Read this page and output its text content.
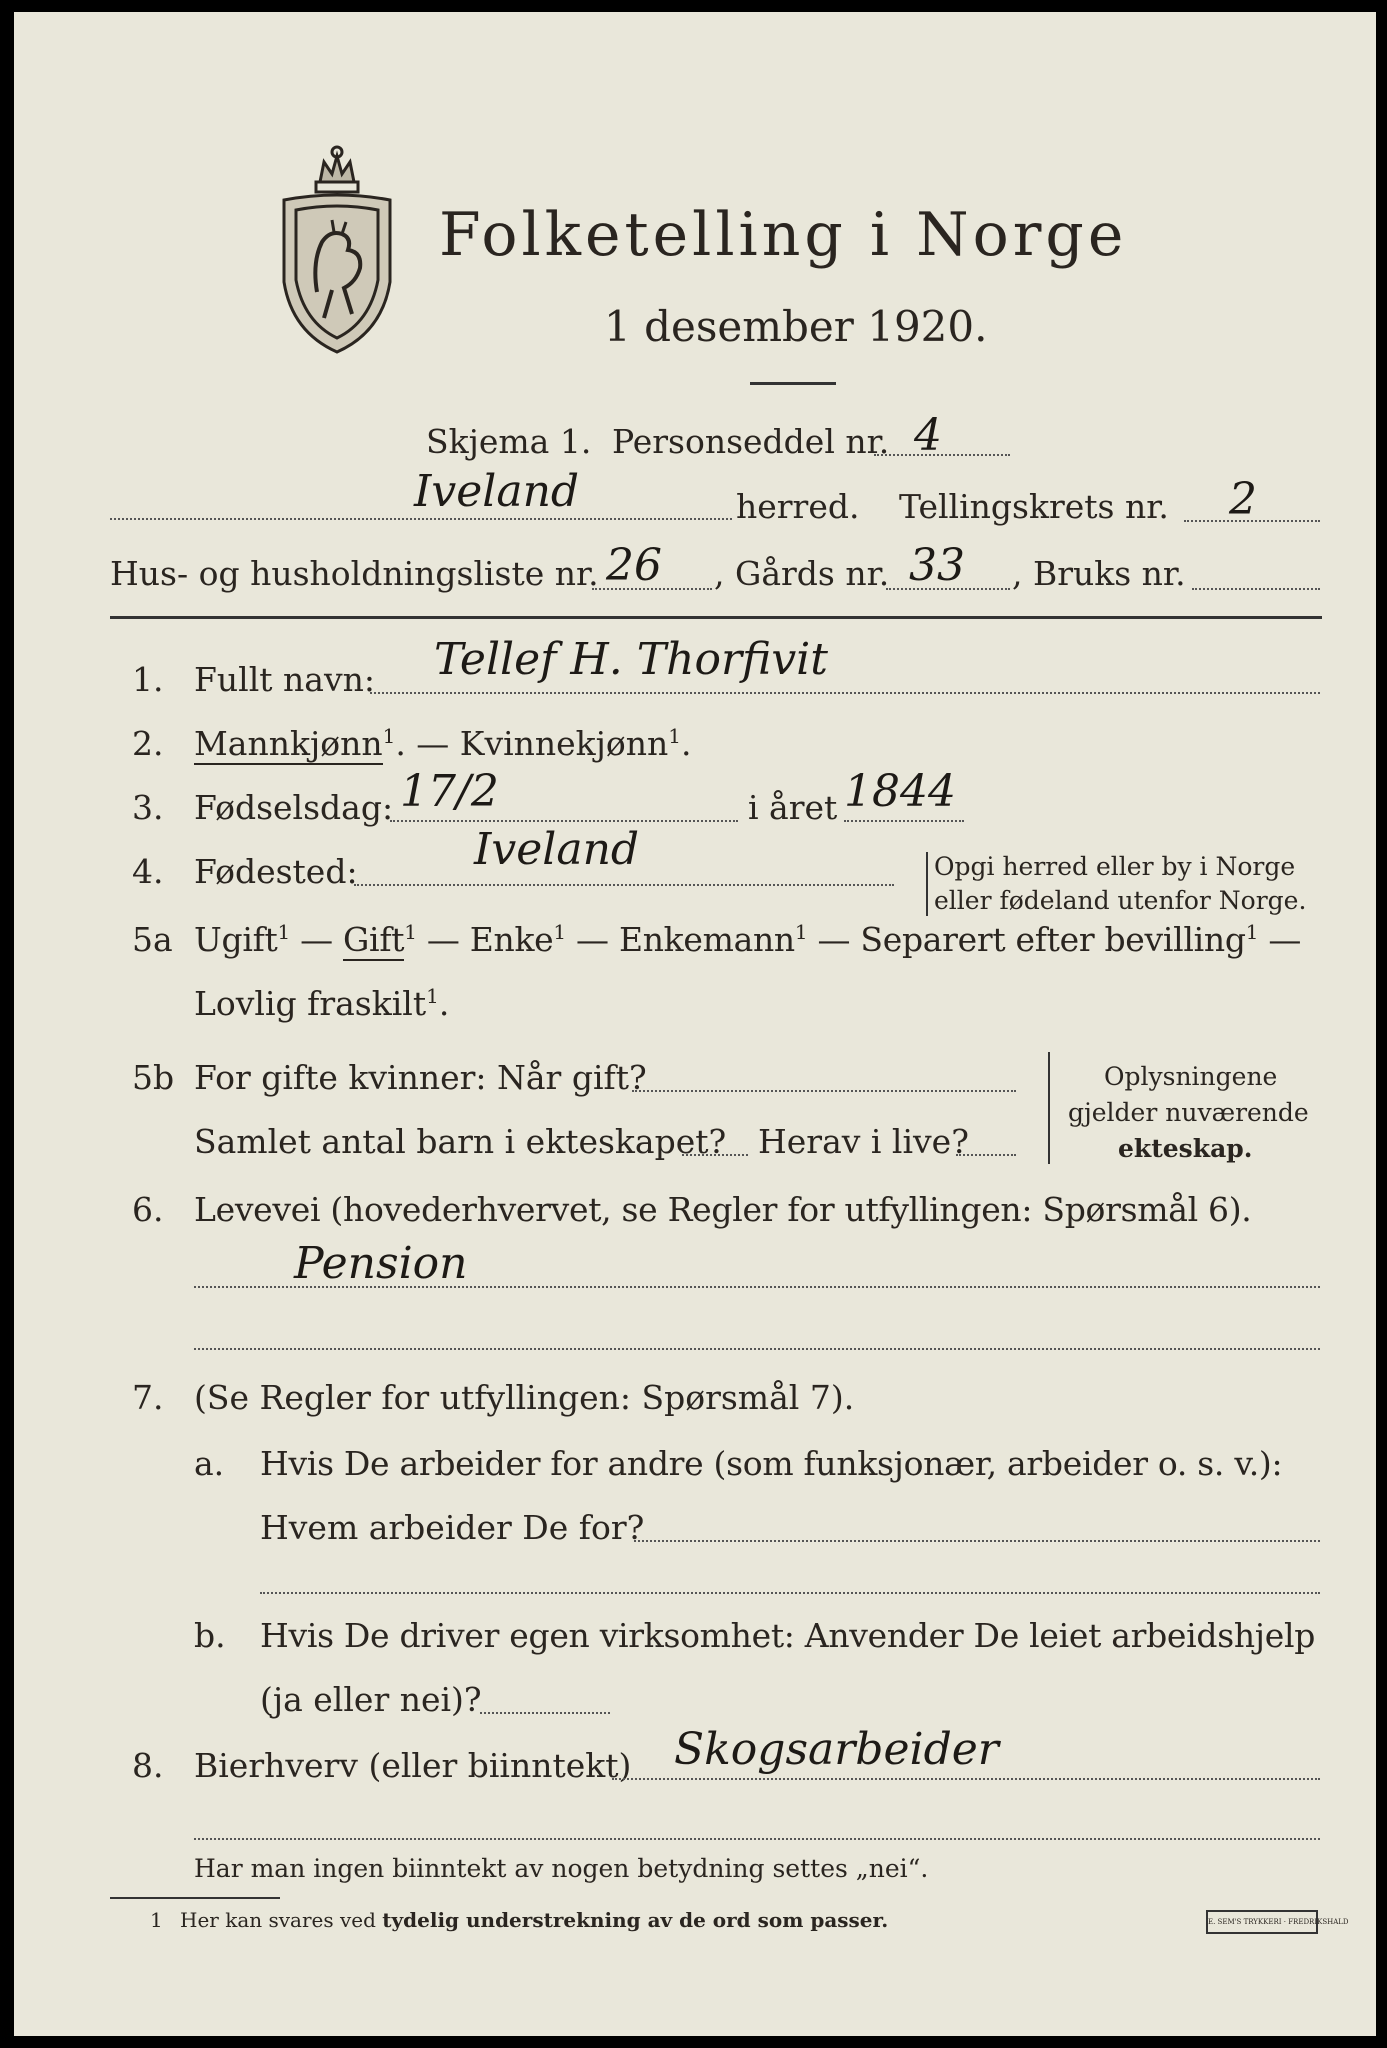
Folketelling i Norge
1 desember 1920.
Skjema 1. Personseddel nr. 4
Iveland	herred. Tellingskrets nr. 2
Hus- og husholdningsliste nr. 26 , Gårds nr. 33 , Bruks nr.
1. Fullt navn: Tellef H. Thorfivit
2. Mannkjønn$^1$. — Kvinnekjønn$^1$.
3. Fødselsdag: 17/2	i året 1844
4. Fødested:	Iveland	Opgi herred eller by i Norge
eller fødeland utenfor Norge.
5a Ugift$^1$ — Gift$^1$ — Enke$^1$ — Enkemann$^1$ — Separert efter bevilling$^1$ —
Lovlig fraskilt$^1$.
5b For gifte kvinner: Når gift?
Samlet antal barn i ekteskapet? Herav i live?
Oplysningene
gjelder nuværende
ekteskap.
6. Levevei (hovederhvervet, se Regler for utfyllingen: Spørsmål 6).
Pension
7. (Se Regler for utfyllingen: Spørsmål 7).
a. Hvis De arbeider for andre (som funksjonær, arbeider o. s. v.):
Hvem arbeider De for?
b. Hvis De driver egen virksomhet: Anvender De leiet arbeidshjelp
(ja eller nei)?
8. Bierhverv (eller biinntekt) Skogsarbeider
Har man ingen biinntekt av nogen betydning settes „nei“.
1 Her kan svares ved tydelig understrekning av de ord som passer.	E. SEM'S TRYKKERI · FREDRIKSHALD
